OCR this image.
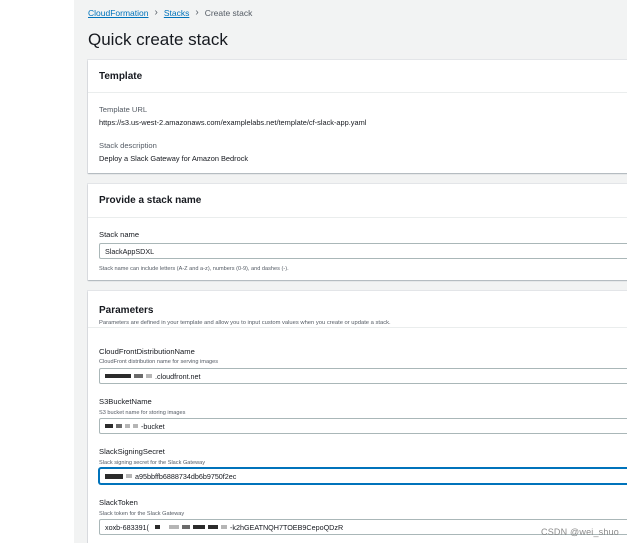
CloudFormation › Stacks › Create stack
Quick create stack
Template
Template URL
https://s3.us-west-2.amazonaws.com/examplelabs.net/template/cf-slack-app.yaml
Stack description
Deploy a Slack Gateway for Amazon Bedrock
Provide a stack name
Stack name
SlackAppSDXL
Stack name can include letters (A-Z and a-z), numbers (0-9), and dashes (-).
Parameters
Parameters are defined in your template and allow you to input custom values when you create or update a stack.
CloudFrontDistributionName
CloudFront distribution name for serving images
.cloudfront.net
S3BucketName
S3 bucket name for storing images
-bucket
SlackSigningSecret
Slack signing secret for the Slack Gateway
a95bbffb6888734db6b9750f2ec
SlackToken
Slack token for the Slack Gateway
xoxb-683391(	-k2hGEATNQH7TOEB9CepoQDzR	CSDN @wei_shuo
